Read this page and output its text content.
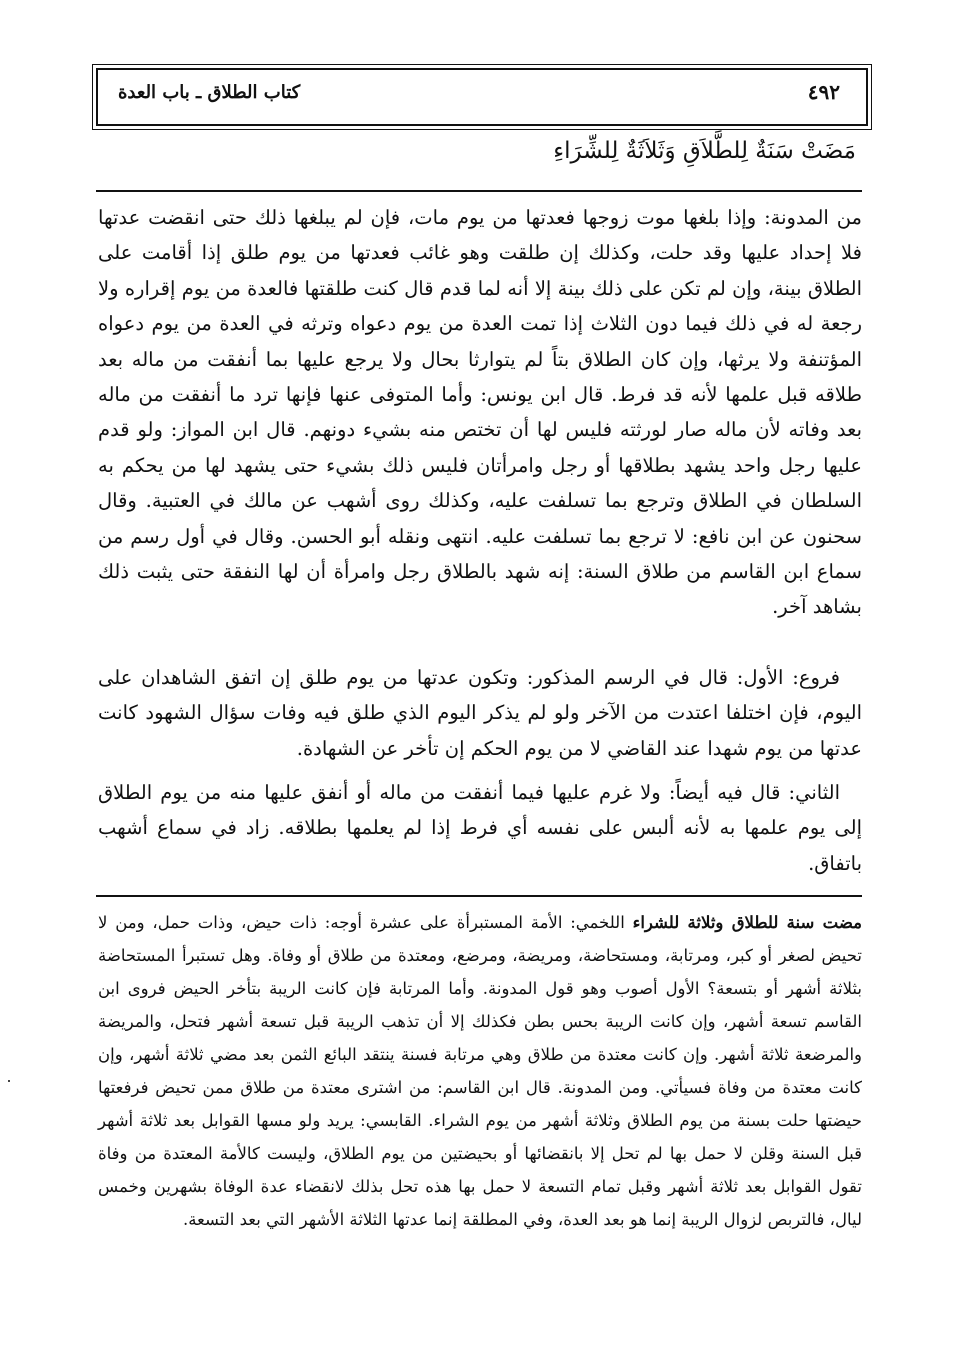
كتاب الطلاق ـ باب العدة	٤٩٢
مَضَتْ سَنَةٌ لِلطَّلاَقِ وَثَلاَثَةٌ لِلشِّرَاءِ

من المدونة: وإذا بلغها موت زوجها فعدتها من يوم مات، فإن لم يبلغها ذلك حتى انقضت عدتها فلا إحداد عليها وقد حلت، وكذلك إن طلقت وهو غائب فعدتها من يوم طلق إذا أقامت على الطلاق بينة، وإن لم تكن على ذلك بينة إلا أنه لما قدم قال كنت طلقتها فالعدة من يوم إقراره ولا رجعة له في ذلك فيما دون الثلاث إذا تمت العدة من يوم دعواه وترثه في العدة من يوم دعواه المؤتنفة ولا يرثها، وإن كان الطلاق بتاً لم يتوارثا بحال ولا يرجع عليها بما أنفقت من ماله بعد طلاقه قبل علمها لأنه قد فرط. قال ابن يونس: وأما المتوفى عنها فإنها ترد ما أنفقت من ماله بعد وفاته لأن ماله صار لورثته فليس لها أن تختص منه بشيء دونهم. قال ابن المواز: ولو قدم عليها رجل واحد يشهد بطلاقها أو رجل وامرأتان فليس ذلك بشيء حتى يشهد لها من يحكم به السلطان في الطلاق وترجع بما تسلفت عليه، وكذلك روى أشهب عن مالك في العتبية. وقال سحنون عن ابن نافع: لا ترجع بما تسلفت عليه. انتهى ونقله أبو الحسن. وقال في أول رسم من سماع ابن القاسم من طلاق السنة: إنه شهد بالطلاق رجل وامرأة أن لها النفقة حتى يثبت ذلك بشاهد آخر.

فروع: الأول: قال في الرسم المذكور: وتكون عدتها من يوم طلق إن اتفق الشاهدان على اليوم، فإن اختلفا اعتدت من الآخر ولو لم يذكر اليوم الذي طلق فيه وفات سؤال الشهود كانت عدتها من يوم شهدا عند القاضي لا من يوم الحكم إن تأخر عن الشهادة.

الثاني: قال فيه أيضاً: ولا غرم عليها فيما أنفقت من ماله أو أنفق عليها منه من يوم الطلاق إلى يوم علمها به لأنه ألبس على نفسه أي فرط إذا لم يعلمها بطلاقه. زاد في سماع أشهب باتفاق.

مضت سنة للطلاق وثلاثة للشراء اللخمي: الأمة المستبرأة على عشرة أوجه: ذات حيض، وذات حمل، ومن لا تحيض لصغر أو كبر، ومرتابة، ومستحاضة، ومريضة، ومرضع، ومعتدة من طلاق أو وفاة. وهل تستبرأ المستحاضة بثلاثة أشهر أو بتسعة؟ الأول أصوب وهو قول المدونة. وأما المرتابة فإن كانت الريبة بتأخر الحيض فروى ابن القاسم تسعة أشهر، وإن كانت الريبة بحس بطن فكذلك إلا أن تذهب الريبة قبل تسعة أشهر فتحل، والمريضة والمرضعة ثلاثة أشهر. وإن كانت معتدة من طلاق وهي مرتابة فسنة ينتقد البائع الثمن بعد مضي ثلاثة أشهر، وإن كانت معتدة من وفاة فسيأتي. ومن المدونة. قال ابن القاسم: من اشترى معتدة من طلاق ممن تحيض فرفعتها حيضتها حلت بسنة من يوم الطلاق وثلاثة أشهر من يوم الشراء. القابسي: يريد ولو مسها القوابل بعد ثلاثة أشهر قبل السنة وقلن لا حمل بها لم تحل إلا بانقضائها أو بحيضتين من يوم الطلاق، وليست كالأمة المعتدة من وفاة تقول القوابل بعد ثلاثة أشهر وقبل تمام التسعة لا حمل بها هذه تحل بذلك لانقضاء عدة الوفاة بشهرين وخمس ليال، فالتربص لزوال الريبة إنما هو بعد العدة، وفي المطلقة إنما عدتها الثلاثة الأشهر التي بعد التسعة.
